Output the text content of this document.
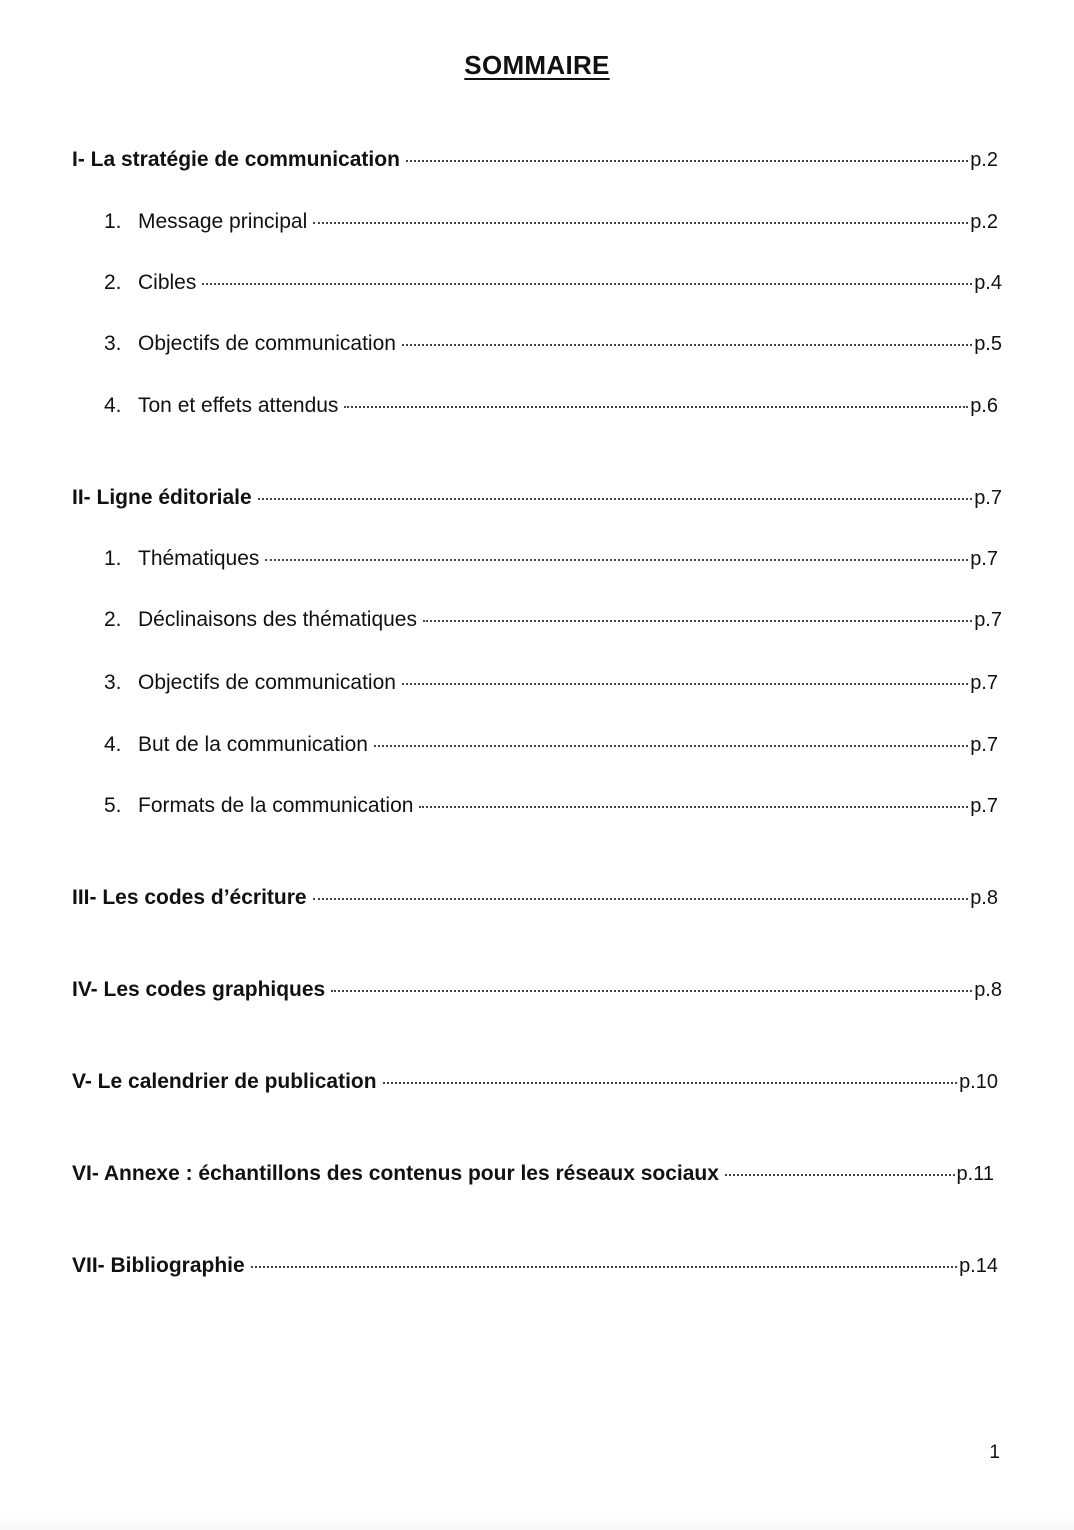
SOMMAIRE
I- La stratégie de communication	p.2
1. Message principal	p.2
2. Cibles	p.4
3. Objectifs de communication	p.5
4. Ton et effets attendus	p.6
II- Ligne éditoriale	p.7
1. Thématiques	p.7
2. Déclinaisons des thématiques	p.7
3. Objectifs de communication	p.7
4. But de la communication	p.7
5. Formats de la communication	p.7
III- Les codes d’écriture	p.8
IV- Les codes graphiques	p.8
V- Le calendrier de publication	p.10
VI- Annexe : échantillons des contenus pour les réseaux sociaux	p.11
VII- Bibliographie	p.14
1
